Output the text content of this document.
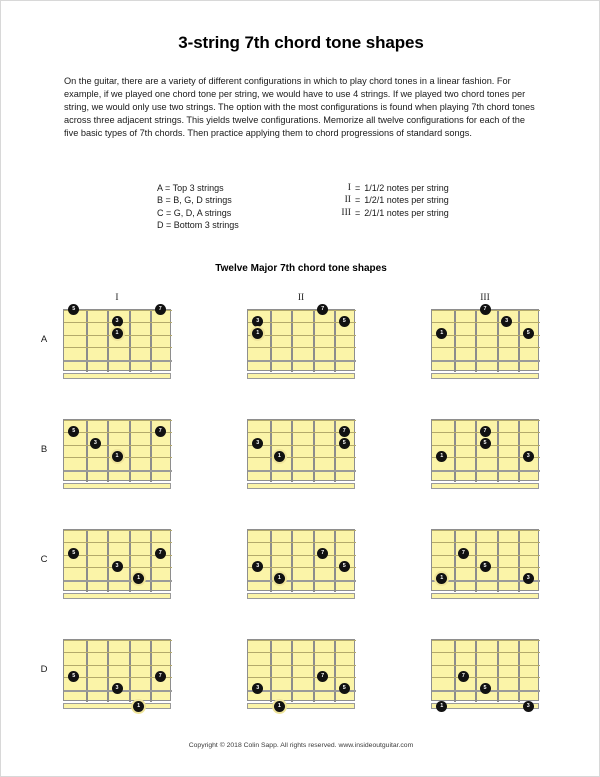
3-string 7th chord tone shapes
On the guitar, there are a variety of different configurations in which to play chord tones in a linear fashion. For example, if we played one chord tone per string, we would have to use 4 strings. If we played two chord tones per string, we would only use two strings. The option with the most configurations is found when playing 7th chord tones across three adjacent strings. This yields twelve configurations. Memorize all twelve configurations for each of the five basic types of 7th chords. Then practice applying them to chord progressions of standard songs.
A = Top 3 strings
B = B, G, D strings
C = G, D, A strings
D = Bottom 3 strings
I = 1/1/2 notes per string
II = 1/2/1 notes per string
III = 2/1/1 notes per string
Twelve Major 7th chord tone shapes
I	II	III
A
5
3
1
7
3
1
7
5
1
7
3
5
B
5
3
1
7
3
1
7
5
1
7
5
3
C
5
3
1
7
3
1
7
5
1
7
5
3
D
5
3
1
7
3
1
7
5
1
7
5
3
Copyright © 2018 Colin Sapp. All rights reserved. www.insideoutguitar.com
